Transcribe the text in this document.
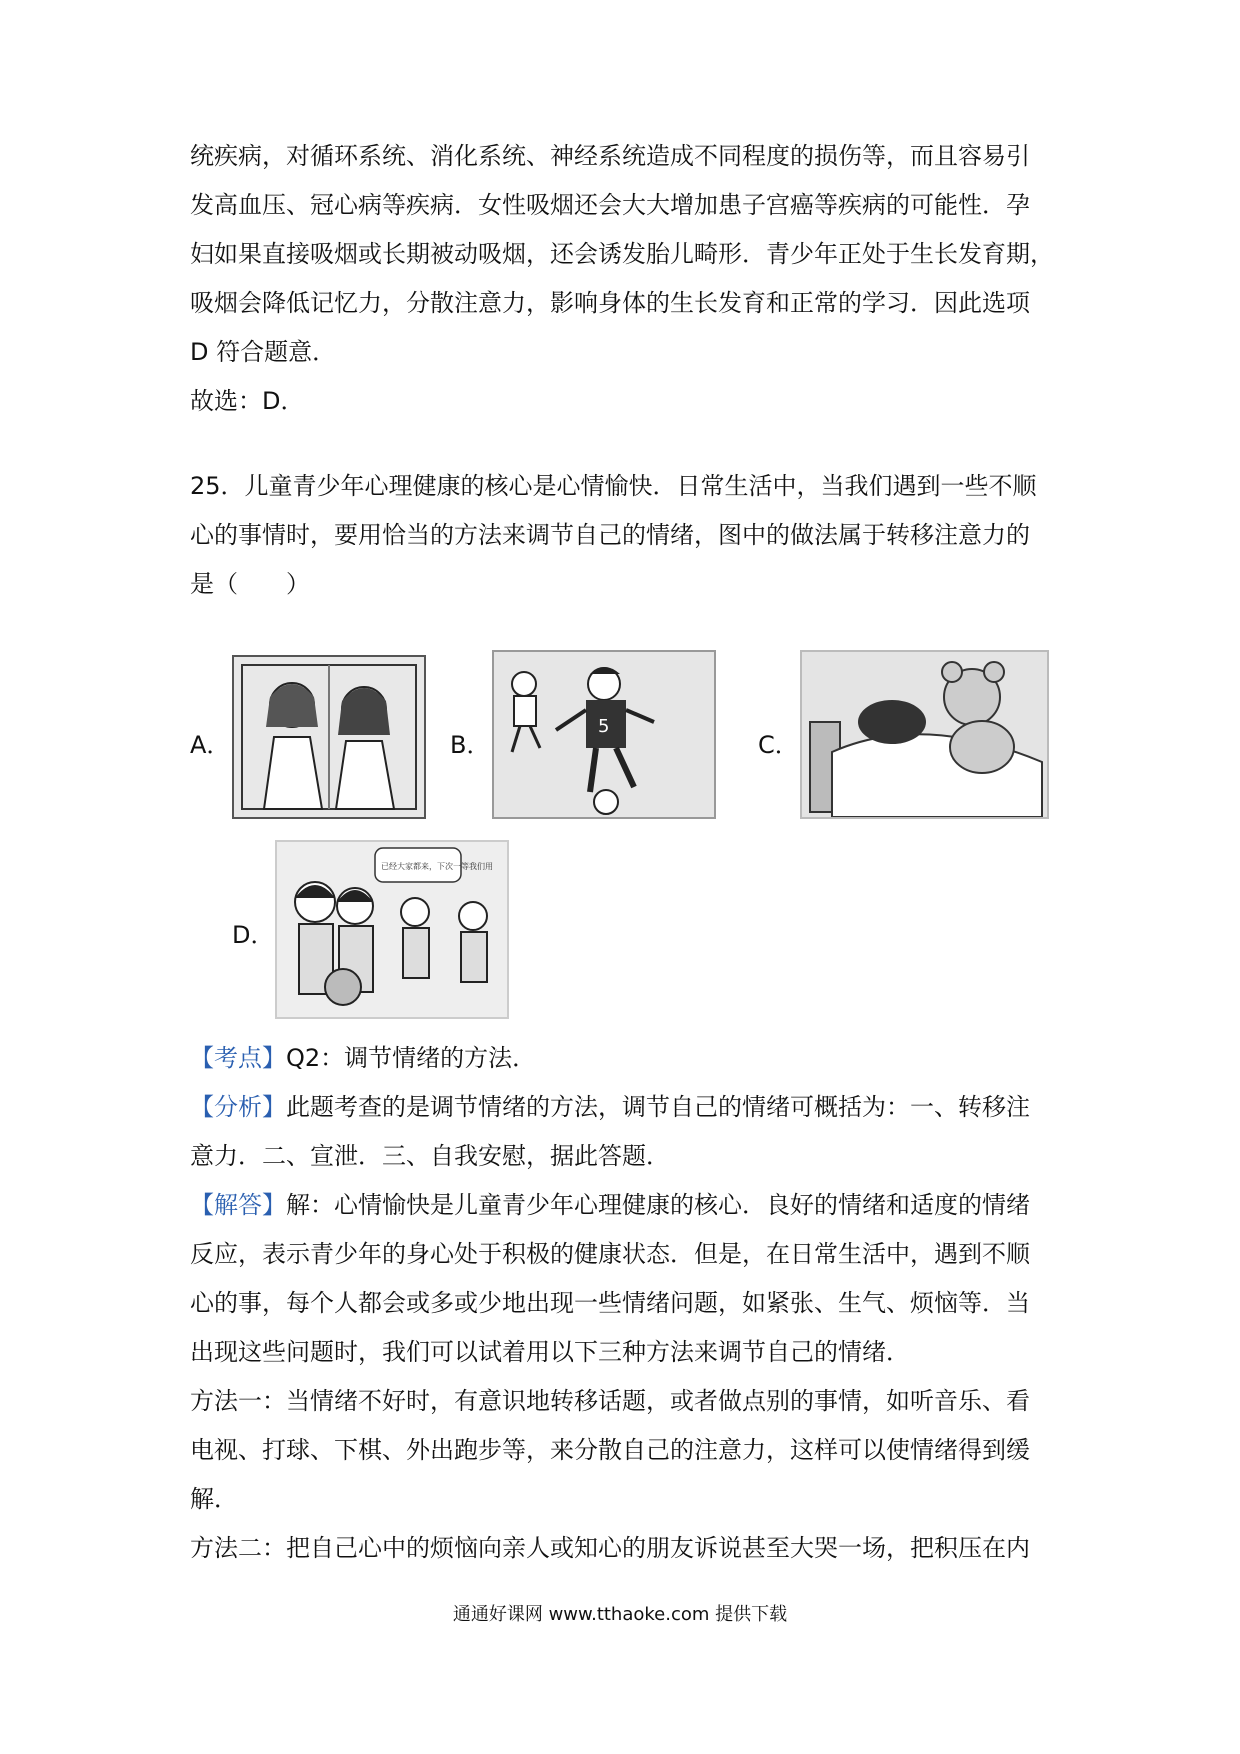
统疾病，对循环系统、消化系统、神经系统造成不同程度的损伤等，而且容易引

发高血压、冠心病等疾病．女性吸烟还会大大增加患子宫癌等疾病的可能性．孕

妇如果直接吸烟或长期被动吸烟，还会诱发胎儿畸形．青少年正处于生长发育期，

吸烟会降低记忆力，分散注意力，影响身体的生长发育和正常的学习．因此选项

D 符合题意．

故选：D．

25．儿童青少年心理健康的核心是心情愉快．日常生活中，当我们遇到一些不顺

心的事情时，要用恰当的方法来调节自己的情绪，图中的做法属于转移注意力的

是（　　）

A．	B．
5
C．
D．
已经大家都来，下次一等我们用

【考点】Q2：调节情绪的方法．

【分析】此题考查的是调节情绪的方法，调节自己的情绪可概括为：一、转移注

意力．二、宣泄．三、自我安慰，据此答题．

【解答】解：心情愉快是儿童青少年心理健康的核心．良好的情绪和适度的情绪

反应，表示青少年的身心处于积极的健康状态．但是，在日常生活中，遇到不顺

心的事，每个人都会或多或少地出现一些情绪问题，如紧张、生气、烦恼等．当

出现这些问题时，我们可以试着用以下三种方法来调节自己的情绪．

方法一：当情绪不好时，有意识地转移话题，或者做点别的事情，如听音乐、看

电视、打球、下棋、外出跑步等，来分散自己的注意力，这样可以使情绪得到缓

解．

方法二：把自己心中的烦恼向亲人或知心的朋友诉说甚至大哭一场，把积压在内

通通好课网 www.tthaoke.com 提供下载
